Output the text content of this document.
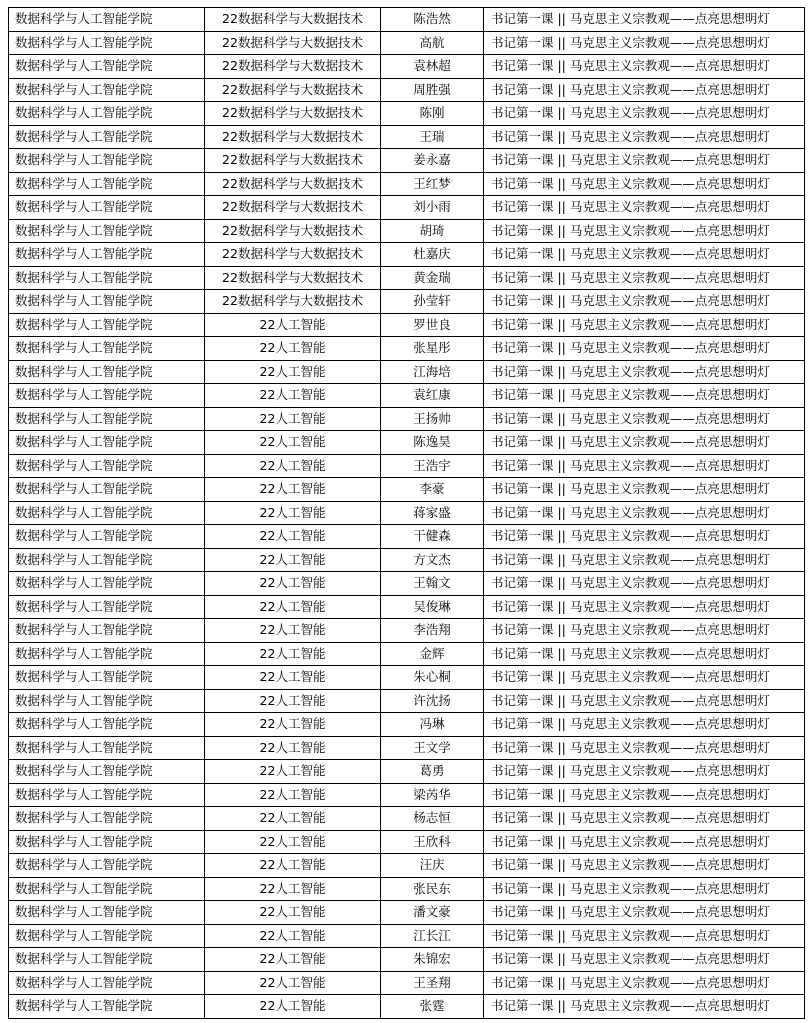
数据科学与人工智能学院	22数据科学与大数据技术	陈浩然	书记第一课 || 马克思主义宗教观——点亮思想明灯
数据科学与人工智能学院	22数据科学与大数据技术	高航	书记第一课 || 马克思主义宗教观——点亮思想明灯
数据科学与人工智能学院	22数据科学与大数据技术	袁林超	书记第一课 || 马克思主义宗教观——点亮思想明灯
数据科学与人工智能学院	22数据科学与大数据技术	周胜强	书记第一课 || 马克思主义宗教观——点亮思想明灯
数据科学与人工智能学院	22数据科学与大数据技术	陈刚	书记第一课 || 马克思主义宗教观——点亮思想明灯
数据科学与人工智能学院	22数据科学与大数据技术	王瑞	书记第一课 || 马克思主义宗教观——点亮思想明灯
数据科学与人工智能学院	22数据科学与大数据技术	姜永嘉	书记第一课 || 马克思主义宗教观——点亮思想明灯
数据科学与人工智能学院	22数据科学与大数据技术	王红梦	书记第一课 || 马克思主义宗教观——点亮思想明灯
数据科学与人工智能学院	22数据科学与大数据技术	刘小雨	书记第一课 || 马克思主义宗教观——点亮思想明灯
数据科学与人工智能学院	22数据科学与大数据技术	胡琦	书记第一课 || 马克思主义宗教观——点亮思想明灯
数据科学与人工智能学院	22数据科学与大数据技术	杜嘉庆	书记第一课 || 马克思主义宗教观——点亮思想明灯
数据科学与人工智能学院	22数据科学与大数据技术	黄金瑞	书记第一课 || 马克思主义宗教观——点亮思想明灯
数据科学与人工智能学院	22数据科学与大数据技术	孙莹轩	书记第一课 || 马克思主义宗教观——点亮思想明灯
数据科学与人工智能学院	22人工智能	罗世良	书记第一课 || 马克思主义宗教观——点亮思想明灯
数据科学与人工智能学院	22人工智能	张星彤	书记第一课 || 马克思主义宗教观——点亮思想明灯
数据科学与人工智能学院	22人工智能	江海培	书记第一课 || 马克思主义宗教观——点亮思想明灯
数据科学与人工智能学院	22人工智能	袁红康	书记第一课 || 马克思主义宗教观——点亮思想明灯
数据科学与人工智能学院	22人工智能	王扬帅	书记第一课 || 马克思主义宗教观——点亮思想明灯
数据科学与人工智能学院	22人工智能	陈逸昊	书记第一课 || 马克思主义宗教观——点亮思想明灯
数据科学与人工智能学院	22人工智能	王浩宇	书记第一课 || 马克思主义宗教观——点亮思想明灯
数据科学与人工智能学院	22人工智能	李豪	书记第一课 || 马克思主义宗教观——点亮思想明灯
数据科学与人工智能学院	22人工智能	蒋家盛	书记第一课 || 马克思主义宗教观——点亮思想明灯
数据科学与人工智能学院	22人工智能	干健森	书记第一课 || 马克思主义宗教观——点亮思想明灯
数据科学与人工智能学院	22人工智能	方文杰	书记第一课 || 马克思主义宗教观——点亮思想明灯
数据科学与人工智能学院	22人工智能	王翰文	书记第一课 || 马克思主义宗教观——点亮思想明灯
数据科学与人工智能学院	22人工智能	吴俊琳	书记第一课 || 马克思主义宗教观——点亮思想明灯
数据科学与人工智能学院	22人工智能	李浩翔	书记第一课 || 马克思主义宗教观——点亮思想明灯
数据科学与人工智能学院	22人工智能	金辉	书记第一课 || 马克思主义宗教观——点亮思想明灯
数据科学与人工智能学院	22人工智能	朱心桐	书记第一课 || 马克思主义宗教观——点亮思想明灯
数据科学与人工智能学院	22人工智能	许沈扬	书记第一课 || 马克思主义宗教观——点亮思想明灯
数据科学与人工智能学院	22人工智能	冯琳	书记第一课 || 马克思主义宗教观——点亮思想明灯
数据科学与人工智能学院	22人工智能	王文学	书记第一课 || 马克思主义宗教观——点亮思想明灯
数据科学与人工智能学院	22人工智能	葛勇	书记第一课 || 马克思主义宗教观——点亮思想明灯
数据科学与人工智能学院	22人工智能	梁芮华	书记第一课 || 马克思主义宗教观——点亮思想明灯
数据科学与人工智能学院	22人工智能	杨志恒	书记第一课 || 马克思主义宗教观——点亮思想明灯
数据科学与人工智能学院	22人工智能	王欣科	书记第一课 || 马克思主义宗教观——点亮思想明灯
数据科学与人工智能学院	22人工智能	汪庆	书记第一课 || 马克思主义宗教观——点亮思想明灯
数据科学与人工智能学院	22人工智能	张民东	书记第一课 || 马克思主义宗教观——点亮思想明灯
数据科学与人工智能学院	22人工智能	潘文豪	书记第一课 || 马克思主义宗教观——点亮思想明灯
数据科学与人工智能学院	22人工智能	江长江	书记第一课 || 马克思主义宗教观——点亮思想明灯
数据科学与人工智能学院	22人工智能	朱锦宏	书记第一课 || 马克思主义宗教观——点亮思想明灯
数据科学与人工智能学院	22人工智能	王圣翔	书记第一课 || 马克思主义宗教观——点亮思想明灯
数据科学与人工智能学院	22人工智能	张霆	书记第一课 || 马克思主义宗教观——点亮思想明灯
